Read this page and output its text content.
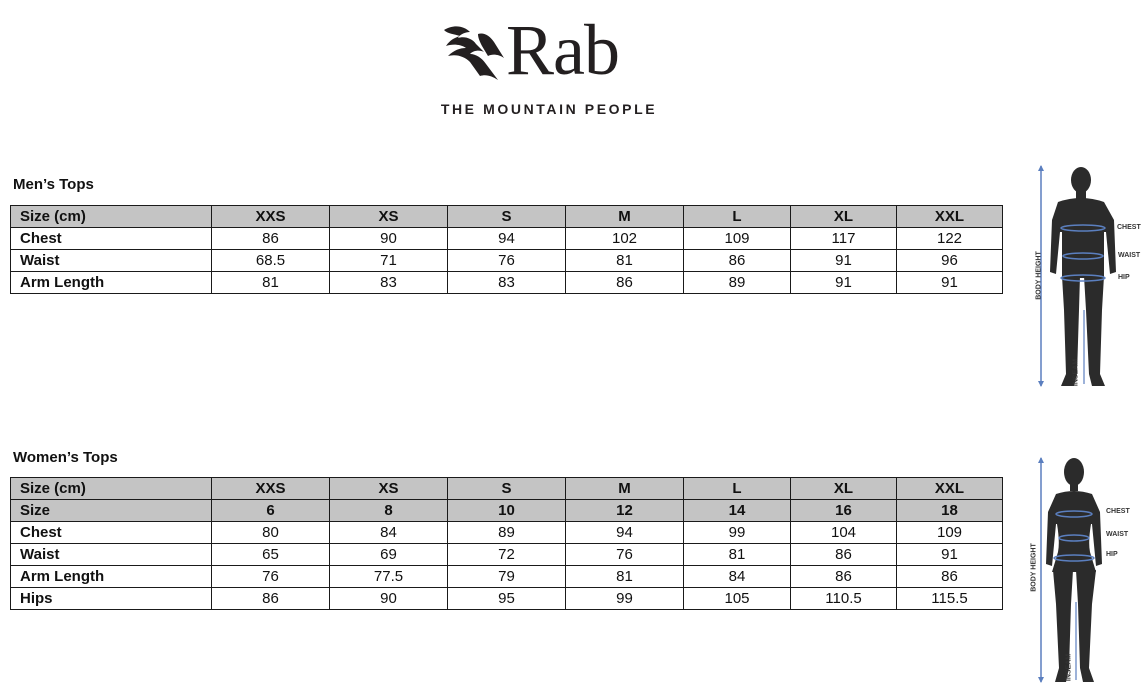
Rab
THE MOUNTAIN PEOPLE
Men’s Tops
Size (cm)	XXS	XS	S	M	L	XL	XXL
Chest	86	90	94	102	109	117	122
Waist	68.5	71	76	81	86	91	96
Arm Length	81	83	83	86	89	91	91
Women’s Tops
Size (cm)	XXS	XS	S	M	L	XL	XXL
Size	6	8	10	12	14	16	18
Chest	80	84	89	94	99	104	109
Waist	65	69	72	76	81	86	91
Arm Length	76	77.5	79	81	84	86	86
Hips	86	90	95	99	105	110.5	115.5
CHEST
WAIST
HIP
BODY HEIGHT
INSEAM
CHEST
WAIST
HIP
BODY HEIGHT
INSEAM
